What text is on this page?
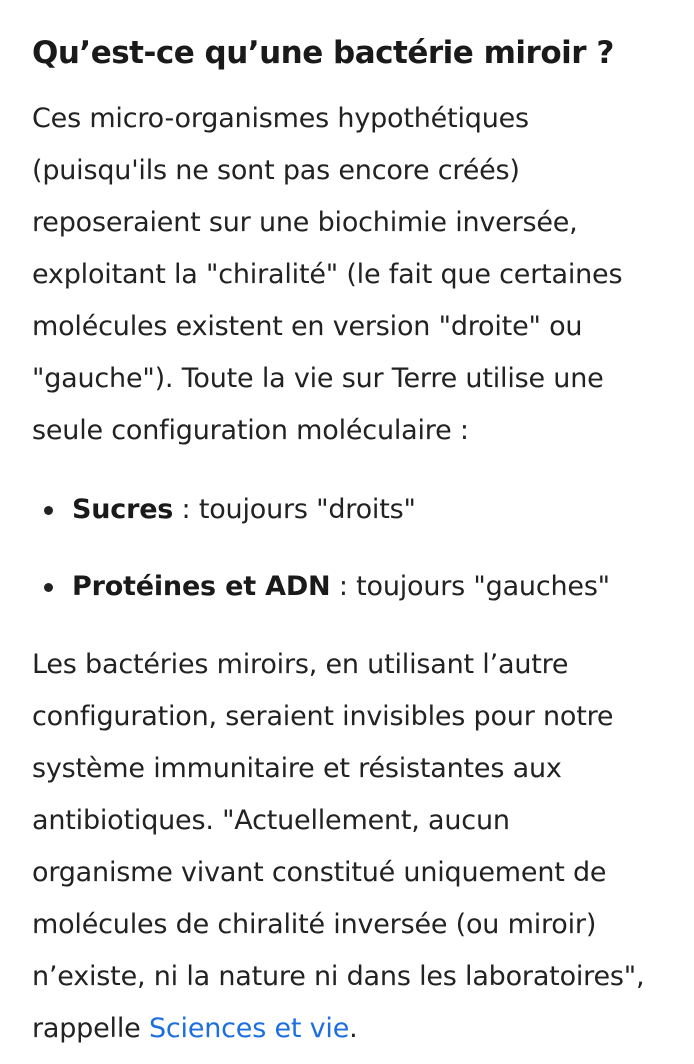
Qu’est-ce qu’une bactérie miroir ?

Ces micro-organismes hypothétiques
(puisqu'ils ne sont pas encore créés)
reposeraient sur une biochimie inversée,
exploitant la "chiralité" (le fait que certaines
molécules existent en version "droite" ou
"gauche"). Toute la vie sur Terre utilise une
seule configuration moléculaire :

Sucres : toujours "droits"
Protéines et ADN : toujours "gauches"

Les bactéries miroirs, en utilisant l’autre
configuration, seraient invisibles pour notre
système immunitaire et résistantes aux
antibiotiques. "Actuellement, aucun
organisme vivant constitué uniquement de
molécules de chiralité inversée (ou miroir)
n’existe, ni la nature ni dans les laboratoires",
rappelle Sciences et vie.
